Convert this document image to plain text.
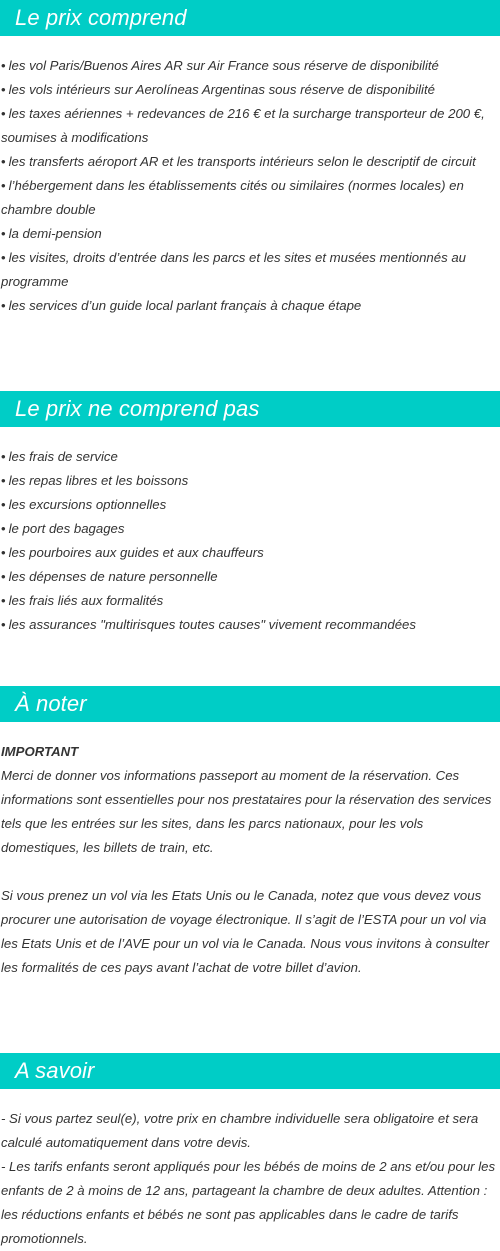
Le prix comprend
• les vol Paris/Buenos Aires AR sur Air France sous réserve de disponibilité
• les vols intérieurs sur Aerolíneas Argentinas sous réserve de disponibilité
• les taxes aériennes + redevances de 216 € et la surcharge transporteur de 200 €, soumises à modifications
• les transferts aéroport AR et les transports intérieurs selon le descriptif de circuit
• l’hébergement dans les établissements cités ou similaires (normes locales) en chambre double
• la demi-pension
• les visites, droits d’entrée dans les parcs et les sites et musées mentionnés au programme
• les services d’un guide local parlant français à chaque étape
Le prix ne comprend pas
• les frais de service
• les repas libres et les boissons
• les excursions optionnelles
• le port des bagages
• les pourboires aux guides et aux chauffeurs
• les dépenses de nature personnelle
• les frais liés aux formalités
• les assurances "multirisques toutes causes" vivement recommandées
À noter

IMPORTANT

Merci de donner vos informations passeport au moment de la réservation. Ces informations sont essentielles pour nos prestataires pour la réservation des services tels que les entrées sur les sites, dans les parcs nationaux, pour les vols domestiques, les billets de train, etc.

Si vous prenez un vol via les Etats Unis ou le Canada, notez que vous devez vous procurer une autorisation de voyage électronique. Il s’agit de l’ESTA pour un vol via les Etats Unis et de l’AVE pour un vol via le Canada. Nous vous invitons à consulter les formalités de ces pays avant l’achat de votre billet d’avion.

A savoir

- Si vous partez seul(e), votre prix en chambre individuelle sera obligatoire et sera calculé automatiquement dans votre devis.

- Les tarifs enfants seront appliqués pour les bébés de moins de 2 ans et/ou pour les enfants de 2 à moins de 12 ans, partageant la chambre de deux adultes. Attention : les réductions enfants et bébés ne sont pas applicables dans le cadre de tarifs promotionnels.
